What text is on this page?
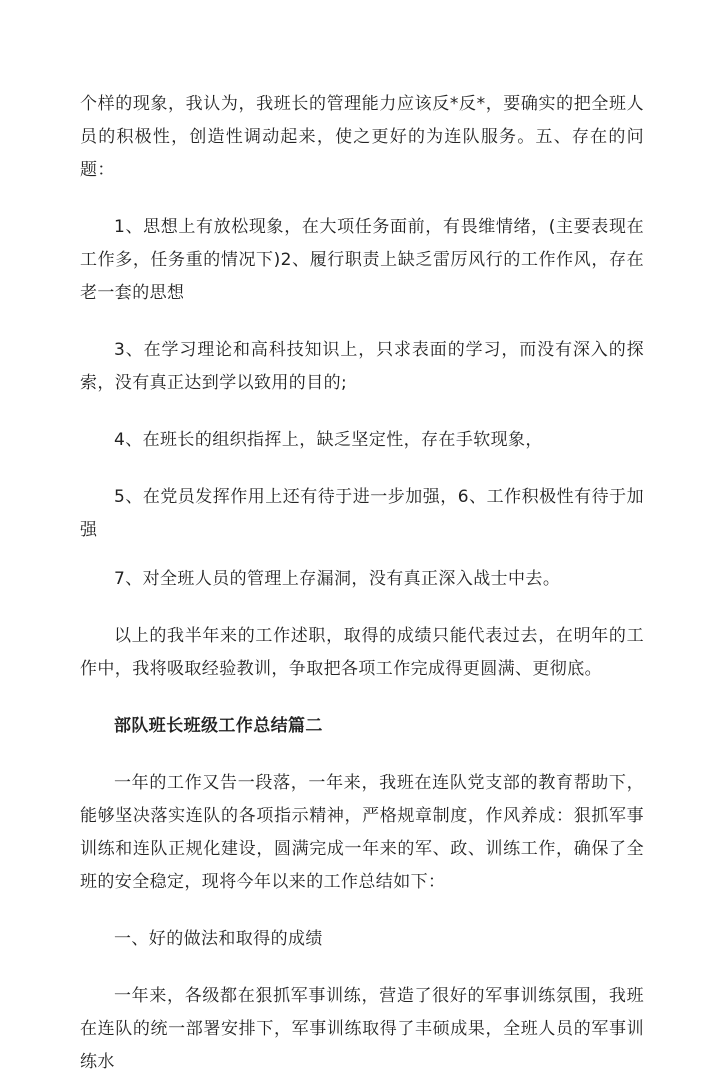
个样的现象，我认为，我班长的管理能力应该反*反*，要确实的把全班人员的积极性，创造性调动起来，使之更好的为连队服务。五、存在的问题：

1、思想上有放松现象，在大项任务面前，有畏维情绪，(主要表现在工作多，任务重的情况下)2、履行职责上缺乏雷厉风行的工作作风，存在老一套的思想

3、在学习理论和高科技知识上，只求表面的学习，而没有深入的探索，没有真正达到学以致用的目的;

4、在班长的组织指挥上，缺乏坚定性，存在手软现象，

5、在党员发挥作用上还有待于进一步加强，6、工作积极性有待于加强

7、对全班人员的管理上存漏洞，没有真正深入战士中去。

以上的我半年来的工作述职，取得的成绩只能代表过去，在明年的工作中，我将吸取经验教训，争取把各项工作完成得更圆满、更彻底。

部队班长班级工作总结篇二

一年的工作又告一段落，一年来，我班在连队党支部的教育帮助下，能够坚决落实连队的各项指示精神，严格规章制度，作风养成：狠抓军事训练和连队正规化建设，圆满完成一年来的军、政、训练工作，确保了全班的安全稳定，现将今年以来的工作总结如下：

一、好的做法和取得的成绩

一年来，各级都在狠抓军事训练，营造了很好的军事训练氛围，我班在连队的统一部署安排下，军事训练取得了丰硕成果，全班人员的军事训练水
